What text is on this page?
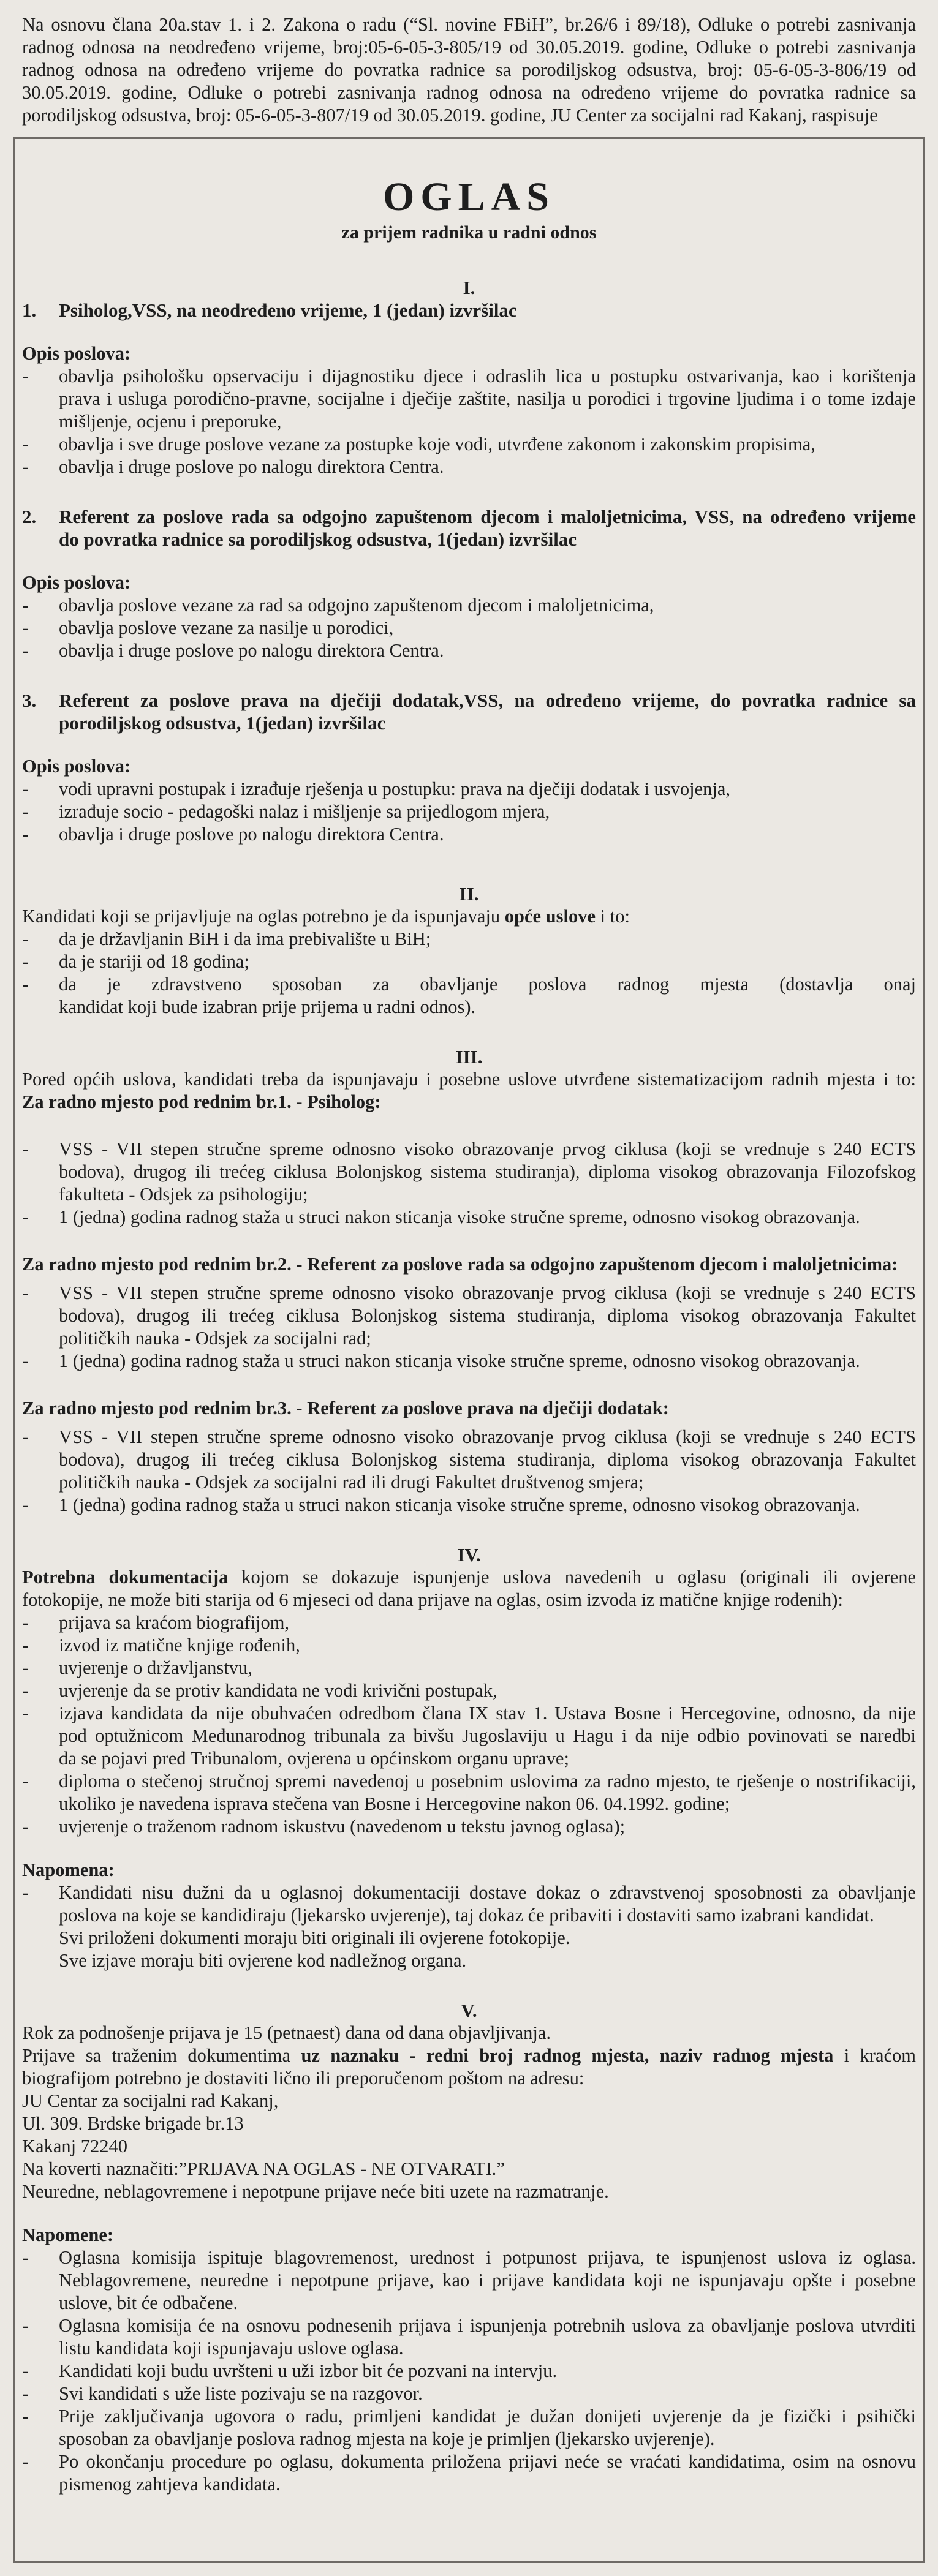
Na osnovu člana 20a.stav 1. i 2. Zakona o radu (“Sl. novine FBiH”, br.26/6 i 89/18), Odluke o potrebi zasnivanja

radnog odnosa na neodređeno vrijeme, broj:05-6-05-3-805/19 od 30.05.2019. godine, Odluke o potrebi zasnivanja

radnog odnosa na određeno vrijeme do povratka radnice sa porodiljskog odsustva, broj: 05-6-05-3-806/19 od

30.05.2019. godine, Odluke o potrebi zasnivanja radnog odnosa na određeno vrijeme do povratka radnice sa

porodiljskog odsustva, broj: 05-6-05-3-807/19 od 30.05.2019. godine, JU Center za socijalni rad Kakanj, raspisuje

OGLAS

za prijem radnika u radni odnos

I.

1.	Psiholog,VSS, na neodređeno vrijeme, 1 (jedan) izvršilac

Opis poslova:

-	obavlja psihološku opservaciju i dijagnostiku djece i odraslih lica u postupku ostvarivanja, kao i korištenja
prava i usluga porodično-pravne, socijalne i dječije zaštite, nasilja u porodici i trgovine ljudima i o tome izdaje
mišljenje, ocjenu i preporuke,
-	obavlja i sve druge poslove vezane za postupke koje vodi, utvrđene zakonom i zakonskim propisima,
-	obavlja i druge poslove po nalogu direktora Centra.
2.	Referent za poslove rada sa odgojno zapuštenom djecom i maloljetnicima, VSS, na određeno vrijeme
do povratka radnice sa porodiljskog odsustva, 1(jedan) izvršilac

Opis poslova:

-	obavlja poslove vezane za rad sa odgojno zapuštenom djecom i maloljetnicima,
-	obavlja poslove vezane za nasilje u porodici,
-	obavlja i druge poslove po nalogu direktora Centra.
3.	Referent za poslove prava na dječiji dodatak,VSS, na određeno vrijeme, do povratka radnice sa
porodiljskog odsustva, 1(jedan) izvršilac

Opis poslova:

-	vodi upravni postupak i izrađuje rješenja u postupku: prava na dječiji dodatak i usvojenja,
-	izrađuje socio - pedagoški nalaz i mišljenje sa prijedlogom mjera,
-	obavlja i druge poslove po nalogu direktora Centra.

II.

Kandidati koji se prijavljuje na oglas potrebno je da ispunjavaju opće uslove i to:

-	da je državljanin BiH i da ima prebivalište u BiH;
-	da je stariji od 18 godina;
-	da je zdravstveno sposoban za obavljanje poslova radnog mjesta (dostavlja onaj
kandidat koji bude izabran prije prijema u radni odnos).

III.

Pored općih uslova, kandidati treba da ispunjavaju i posebne uslove utvrđene sistematizacijom radnih mjesta i to:

Za radno mjesto pod rednim br.1. - Psiholog:

-	VSS - VII stepen stručne spreme odnosno visoko obrazovanje prvog ciklusa (koji se vrednuje s 240 ECTS
bodova), drugog ili trećeg ciklusa Bolonjskog sistema studiranja), diploma visokog obrazovanja Filozofskog
fakulteta - Odsjek za psihologiju;
-	1 (jedna) godina radnog staža u struci nakon sticanja visoke stručne spreme, odnosno visokog obrazovanja.

Za radno mjesto pod rednim br.2. - Referent za poslove rada sa odgojno zapuštenom djecom i maloljetnicima:

-	VSS - VII stepen stručne spreme odnosno visoko obrazovanje prvog ciklusa (koji se vrednuje s 240 ECTS
bodova), drugog ili trećeg ciklusa Bolonjskog sistema studiranja, diploma visokog obrazovanja Fakultet
političkih nauka - Odsjek za socijalni rad;
-	1 (jedna) godina radnog staža u struci nakon sticanja visoke stručne spreme, odnosno visokog obrazovanja.

Za radno mjesto pod rednim br.3. - Referent za poslove prava na dječiji dodatak:

-	VSS - VII stepen stručne spreme odnosno visoko obrazovanje prvog ciklusa (koji se vrednuje s 240 ECTS
bodova), drugog ili trećeg ciklusa Bolonjskog sistema studiranja, diploma visokog obrazovanja Fakultet
političkih nauka - Odsjek za socijalni rad ili drugi Fakultet društvenog smjera;
-	1 (jedna) godina radnog staža u struci nakon sticanja visoke stručne spreme, odnosno visokog obrazovanja.

IV.

Potrebna dokumentacija kojom se dokazuje ispunjenje uslova navedenih u oglasu (originali ili ovjerene

fotokopije, ne može biti starija od 6 mjeseci od dana prijave na oglas, osim izvoda iz matične knjige rođenih):

-	prijava sa kraćom biografijom,
-	izvod iz matične knjige rođenih,
-	uvjerenje o državljanstvu,
-	uvjerenje da se protiv kandidata ne vodi krivični postupak,
-	izjava kandidata da nije obuhvaćen odredbom člana IX stav 1. Ustava Bosne i Hercegovine, odnosno, da nije
pod optužnicom Međunarodnog tribunala za bivšu Jugoslaviju u Hagu i da nije odbio povinovati se naredbi
da se pojavi pred Tribunalom, ovjerena u općinskom organu uprave;
-	diploma o stečenoj stručnoj spremi navedenoj u posebnim uslovima za radno mjesto, te rješenje o nostrifikaciji,
ukoliko je navedena isprava stečena van Bosne i Hercegovine nakon 06. 04.1992. godine;
-	uvjerenje o traženom radnom iskustvu (navedenom u tekstu javnog oglasa);

Napomena:

-	Kandidati nisu dužni da u oglasnoj dokumentaciji dostave dokaz o zdravstvenoj sposobnosti za obavljanje
poslova na koje se kandidiraju (ljekarsko uvjerenje), taj dokaz će pribaviti i dostaviti samo izabrani kandidat.
Svi priloženi dokumenti moraju biti originali ili ovjerene fotokopije.
Sve izjave moraju biti ovjerene kod nadležnog organa.

V.

Rok za podnošenje prijava je 15 (petnaest) dana od dana objavljivanja.

Prijave sa traženim dokumentima uz naznaku - redni broj radnog mjesta, naziv radnog mjesta i kraćom

biografijom potrebno je dostaviti lično ili preporučenom poštom na adresu:

JU Centar za socijalni rad Kakanj,

Ul. 309. Brdske brigade br.13

Kakanj 72240

Na koverti naznačiti:”PRIJAVA NA OGLAS - NE OTVARATI.”

Neuredne, neblagovremene i nepotpune prijave neće biti uzete na razmatranje.

Napomene:

-	Oglasna komisija ispituje blagovremenost, urednost i potpunost prijava, te ispunjenost uslova iz oglasa.
Neblagovremene, neuredne i nepotpune prijave, kao i prijave kandidata koji ne ispunjavaju opšte i posebne
uslove, bit će odbačene.
-	Oglasna komisija će na osnovu podnesenih prijava i ispunjenja potrebnih uslova za obavljanje poslova utvrditi
listu kandidata koji ispunjavaju uslove oglasa.
-	Kandidati koji budu uvršteni u uži izbor bit će pozvani na intervju.
-	Svi kandidati s uže liste pozivaju se na razgovor.
-	Prije zaključivanja ugovora o radu, primljeni kandidat je dužan donijeti uvjerenje da je fizički i psihički
sposoban za obavljanje poslova radnog mjesta na koje je primljen (ljekarsko uvjerenje).
-	Po okončanju procedure po oglasu, dokumenta priložena prijavi neće se vraćati kandidatima, osim na osnovu
pismenog zahtjeva kandidata.
